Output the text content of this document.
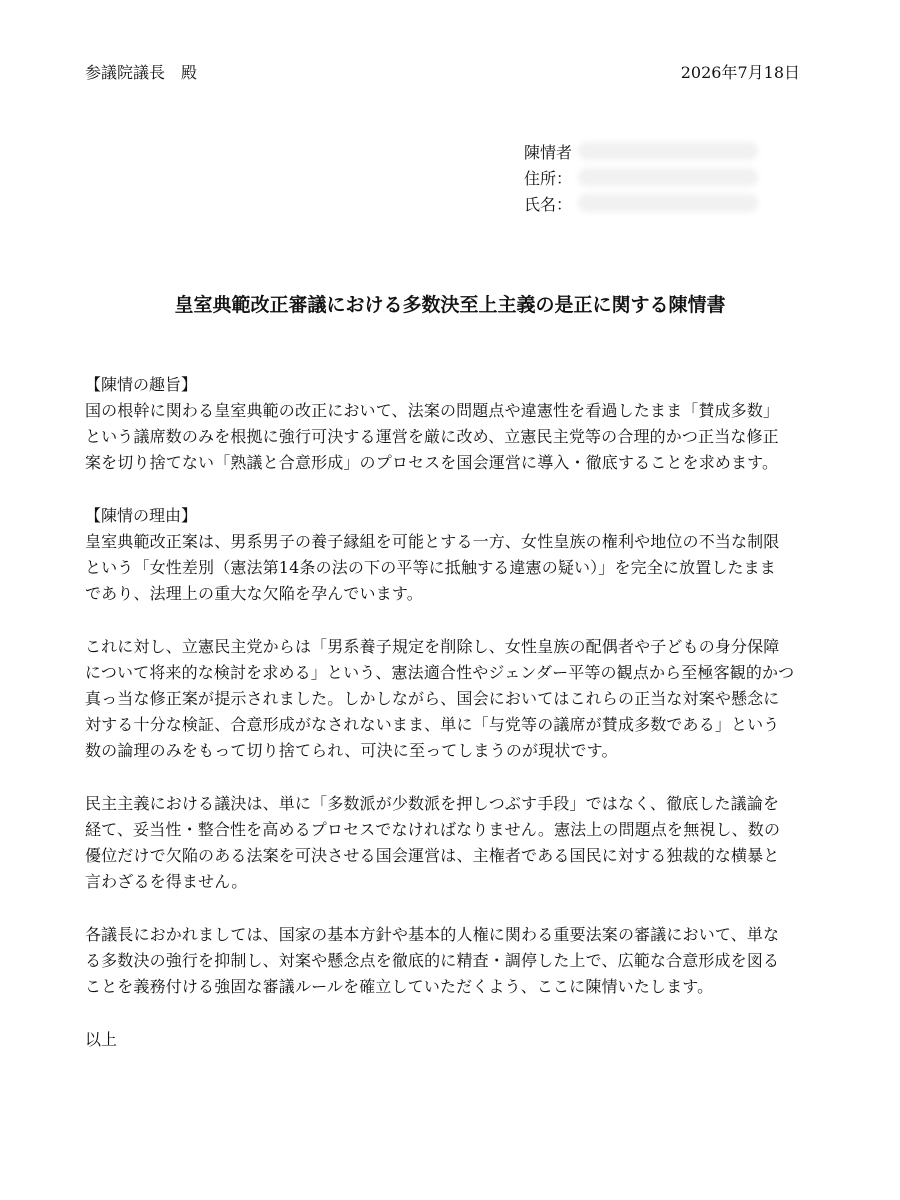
参議院議長　殿	2026年7月18日
陳情者
住所：
氏名：
皇室典範改正審議における多数決至上主義の是正に関する陳情書
【陳情の趣旨】
国の根幹に関わる皇室典範の改正において、法案の問題点や違憲性を看過したまま「賛成多数」
という議席数のみを根拠に強行可決する運営を厳に改め、立憲民主党等の合理的かつ正当な修正
案を切り捨てない「熟議と合意形成」のプロセスを国会運営に導入・徹底することを求めます。
【陳情の理由】
皇室典範改正案は、男系男子の養子縁組を可能とする一方、女性皇族の権利や地位の不当な制限
という「女性差別（憲法第14条の法の下の平等に抵触する違憲の疑い）」を完全に放置したまま
であり、法理上の重大な欠陥を孕んでいます。
これに対し、立憲民主党からは「男系養子規定を削除し、女性皇族の配偶者や子どもの身分保障
について将来的な検討を求める」という、憲法適合性やジェンダー平等の観点から至極客観的かつ
真っ当な修正案が提示されました。しかしながら、国会においてはこれらの正当な対案や懸念に
対する十分な検証、合意形成がなされないまま、単に「与党等の議席が賛成多数である」という
数の論理のみをもって切り捨てられ、可決に至ってしまうのが現状です。
民主主義における議決は、単に「多数派が少数派を押しつぶす手段」ではなく、徹底した議論を
経て、妥当性・整合性を高めるプロセスでなければなりません。憲法上の問題点を無視し、数の
優位だけで欠陥のある法案を可決させる国会運営は、主権者である国民に対する独裁的な横暴と
言わざるを得ません。
各議長におかれましては、国家の基本方針や基本的人権に関わる重要法案の審議において、単な
る多数決の強行を抑制し、対案や懸念点を徹底的に精査・調停した上で、広範な合意形成を図る
ことを義務付ける強固な審議ルールを確立していただくよう、ここに陳情いたします。
以上
